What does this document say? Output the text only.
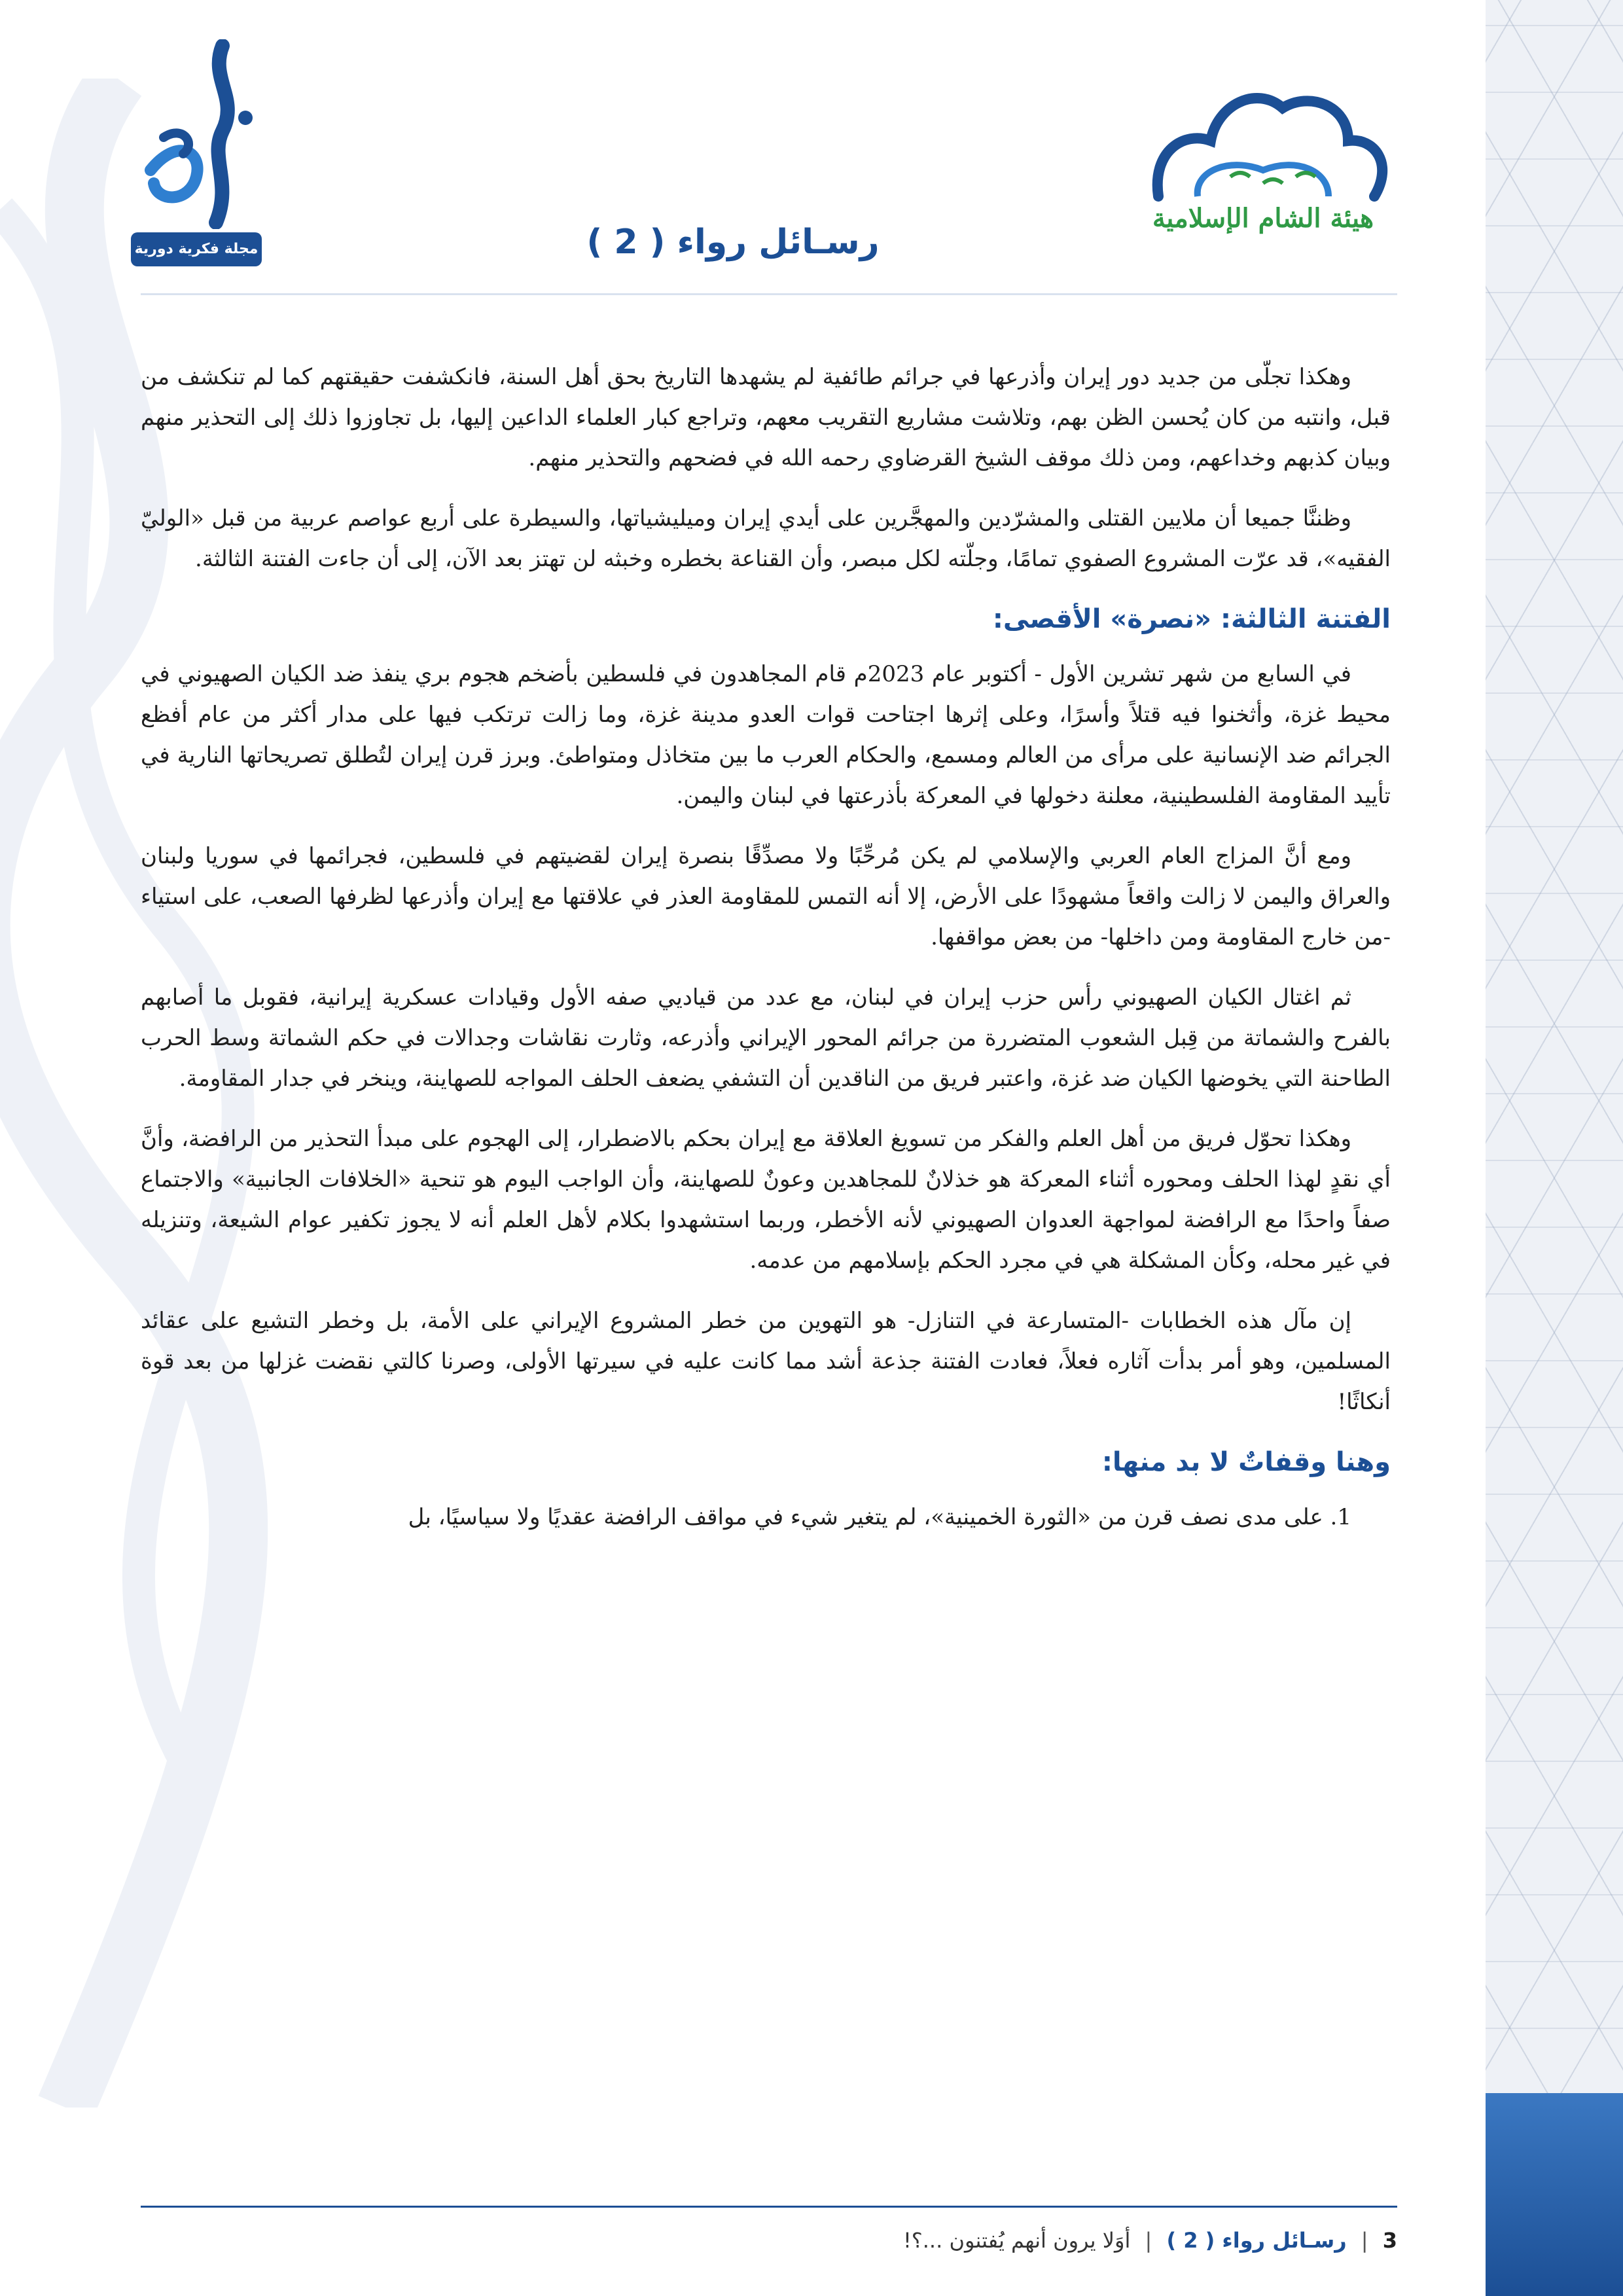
مجلة فكرية دورية
هيئة الشام الإسلامية
رسـائل رواء ( 2 )

وهكذا تجلّى من جديد دور إيران وأذرعها في جرائم طائفية لم يشهدها التاريخ بحق أهل السنة، فانكشفت حقيقتهم كما لم تنكشف من قبل، وانتبه من كان يُحسن الظن بهم، وتلاشت مشاريع التقريب معهم، وتراجع كبار العلماء الداعين إليها، بل تجاوزوا ذلك إلى التحذير منهم وبيان كذبهم وخداعهم، ومن ذلك موقف الشيخ القرضاوي رحمه الله في فضحهم والتحذير منهم.

وظننَّا جميعا أن ملايين القتلى والمشرّدين والمهجَّرين على أيدي إيران وميليشياتها، والسيطرة على أربع عواصم عربية من قبل «الوليّ الفقيه»، قد عرّت المشروع الصفوي تمامًا، وجلّته لكل مبصر، وأن القناعة بخطره وخبثه لن تهتز بعد الآن، إلى أن جاءت الفتنة الثالثة.

الفتنة الثالثة: «نصرة» الأقصى:

في السابع من شهر تشرين الأول - أكتوبر عام 2023م قام المجاهدون في فلسطين بأضخم هجوم بري ينفذ ضد الكيان الصهيوني في محيط غزة، وأثخنوا فيه قتلاً وأسرًا، وعلى إثرها اجتاحت قوات العدو مدينة غزة، وما زالت ترتكب فيها على مدار أكثر من عام أفظع الجرائم ضد الإنسانية على مرأى من العالم ومسمع، والحكام العرب ما بين متخاذل ومتواطئ. وبرز قرن إيران لتُطلق تصريحاتها النارية في تأييد المقاومة الفلسطينية، معلنة دخولها في المعركة بأذرعتها في لبنان واليمن.

ومع أنَّ المزاج العام العربي والإسلامي لم يكن مُرحِّبًا ولا مصدِّقًا بنصرة إيران لقضيتهم في فلسطين، فجرائمها في سوريا ولبنان والعراق واليمن لا زالت واقعاً مشهودًا على الأرض، إلا أنه التمس للمقاومة العذر في علاقتها مع إيران وأذرعها لظرفها الصعب، على استياء -من خارج المقاومة ومن داخلها- من بعض مواقفها.

ثم اغتال الكيان الصهيوني رأس حزب إيران في لبنان، مع عدد من قياديي صفه الأول وقيادات عسكرية إيرانية، فقوبل ما أصابهم بالفرح والشماتة من قِبل الشعوب المتضررة من جرائم المحور الإيراني وأذرعه، وثارت نقاشات وجدالات في حكم الشماتة وسط الحرب الطاحنة التي يخوضها الكيان ضد غزة، واعتبر فريق من الناقدين أن التشفي يضعف الحلف المواجه للصهاينة، وينخر في جدار المقاومة.

وهكذا تحوّل فريق من أهل العلم والفكر من تسويغ العلاقة مع إيران بحكم بالاضطرار، إلى الهجوم على مبدأ التحذير من الرافضة، وأنَّ أي نقدٍ لهذا الحلف ومحوره أثناء المعركة هو خذلانٌ للمجاهدين وعونٌ للصهاينة، وأن الواجب اليوم هو تنحية «الخلافات الجانبية» والاجتماع صفاً واحدًا مع الرافضة لمواجهة العدوان الصهيوني لأنه الأخطر، وربما استشهدوا بكلام لأهل العلم أنه لا يجوز تكفير عوام الشيعة، وتنزيله في غير محله، وكأن المشكلة هي في مجرد الحكم بإسلامهم من عدمه.

إن مآل هذه الخطابات -المتسارعة في التنازل- هو التهوين من خطر المشروع الإيراني على الأمة، بل وخطر التشيع على عقائد المسلمين، وهو أمر بدأت آثاره فعلاً، فعادت الفتنة جذعة أشد مما كانت عليه في سيرتها الأولى، وصرنا كالتي نقضت غزلها من بعد قوة أنكاثًا!

وهنا وقفاتٌ لا بد منها:

1. على مدى نصف قرن من «الثورة الخمينية»، لم يتغير شيء في مواقف الرافضة عقديًا ولا سياسيًا، بل

3 | رسـائل رواء ( 2 ) | أوَلا يرون أنهم يُفتنون ...؟!
